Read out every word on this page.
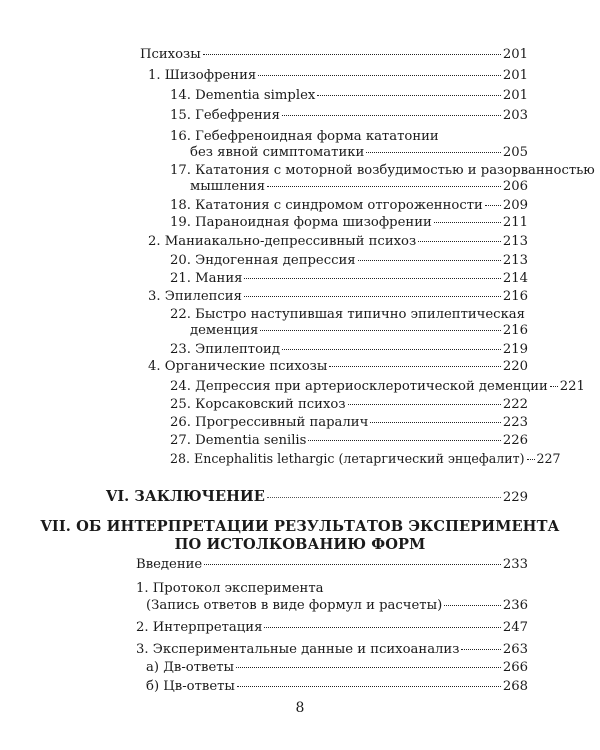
Психозы	201
1. Шизофрения	201
14. Dementia simplex	201
15. Гебефрения	203
16. Гебефренoидная форма кататонии
без явной симптоматики	205
17. Кататония с моторной возбудимостью и разорванностью
мышления	206
18. Кататония с синдромом отгороженности 209
19. Параноидная форма шизофрении	211
2. Маниакально-депрессивный психоз	213
20. Эндогенная депрессия	213
21. Мания	214
3. Эпилепсия	216
22. Быстро наступившая типично эпилептическая
деменция	216
23. Эпилептоид	219
4. Органические психозы	220
24. Депрессия при артериосклеротической деменции 221
25. Корсаковский психоз	222
26. Прогрессивный паралич	223
27. Dementia senilis	226
28. Encephalitis lethargic (летаргический энцефалит) 227
VI. ЗАКЛЮЧЕНИЕ	229
VII. ОБ ИНТЕРПРЕТАЦИИ РЕЗУЛЬТАТОВ ЭКСПЕРИМЕНТА
ПО ИСТОЛКОВАНИЮ ФОРМ
Введение	233
1. Протокол эксперимента
(Запись ответов в виде формул и расчеты)	236
2. Интерпретация	247
3. Экспериментальные данные и психоанализ	263
а) Дв-ответы	266
б) Цв-ответы	268
8
